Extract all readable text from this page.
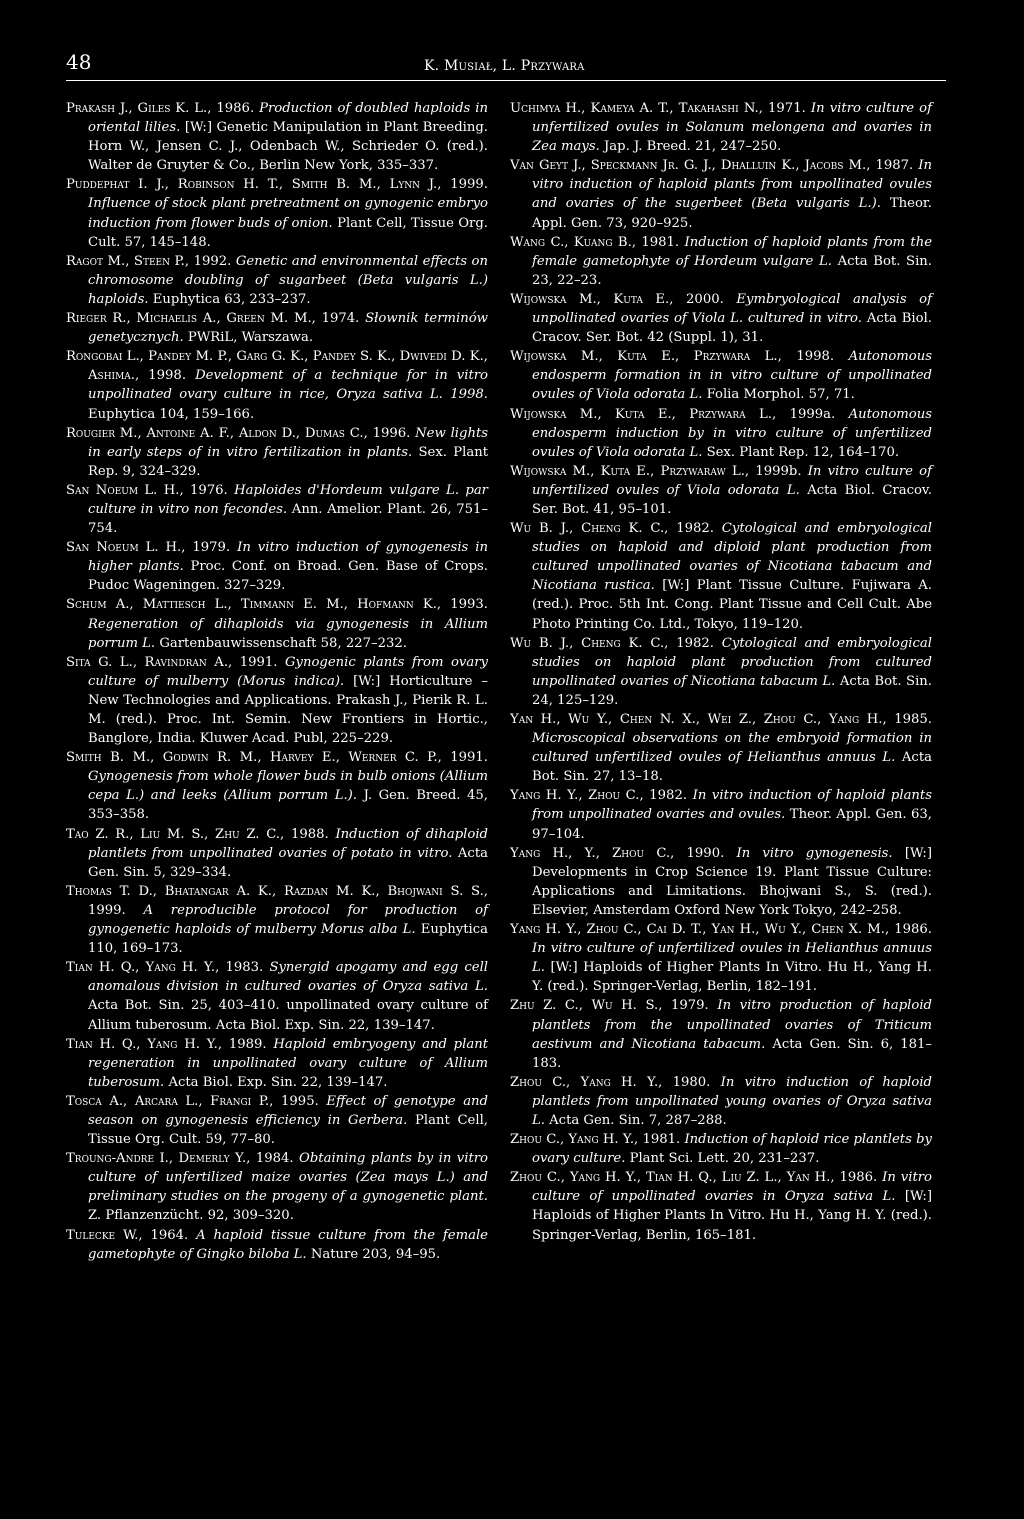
48	K. Musiał, L. Przywara

Prakash J., Giles K. L., 1986. Production of doubled haploids in oriental lilies. [W:] Genetic Manipulation in Plant Breeding. Horn W., Jensen C. J., Odenbach W., Schrieder O. (red.). Walter de Gruyter & Co., Berlin New York, 335–337.

Puddephat I. J., Robinson H. T., Smith B. M., Lynn J., 1999. Influence of stock plant pretreatment on gynogenic embryo induction from flower buds of onion. Plant Cell, Tissue Org. Cult. 57, 145–148.

Ragot M., Steen P., 1992. Genetic and environmental effects on chromosome doubling of sugarbeet (Beta vulgaris L.) haploids. Euphytica 63, 233–237.

Rieger R., Michaelis A., Green M. M., 1974. Słownik terminów genetycznych. PWRiL, Warszawa.

Rongobai L., Pandey M. P., Garg G. K., Pandey S. K., Dwivedi D. K., Ashima., 1998. Development of a technique for in vitro unpollinated ovary culture in rice, Oryza sativa L. 1998. Euphytica 104, 159–166.

Rougier M., Antoine A. F., Aldon D., Dumas C., 1996. New lights in early steps of in vitro fertilization in plants. Sex. Plant Rep. 9, 324–329.

San Noeum L. H., 1976. Haploides d'Hordeum vulgare L. par culture in vitro non fecondes. Ann. Amelior. Plant. 26, 751–754.

San Noeum L. H., 1979. In vitro induction of gynogenesis in higher plants. Proc. Conf. on Broad. Gen. Base of Crops. Pudoc Wageningen. 327–329.

Schum A., Mattiesch L., Timmann E. M., Hofmann K., 1993. Regeneration of dihaploids via gynogenesis in Allium porrum L. Gartenbauwissenschaft 58, 227–232.

Sita G. L., Ravindran A., 1991. Gynogenic plants from ovary culture of mulberry (Morus indica). [W:] Horticulture – New Technologies and Applications. Prakash J., Pierik R. L. M. (red.). Proc. Int. Semin. New Frontiers in Hortic., Banglore, India. Kluwer Acad. Publ, 225–229.

Smith B. M., Godwin R. M., Harvey E., Werner C. P., 1991. Gynogenesis from whole flower buds in bulb onions (Allium cepa L.) and leeks (Allium porrum L.). J. Gen. Breed. 45, 353–358.

Tao Z. R., Liu M. S., Zhu Z. C., 1988. Induction of dihaploid plantlets from unpollinated ovaries of potato in vitro. Acta Gen. Sin. 5, 329–334.

Thomas T. D., Bhatangar A. K., Razdan M. K., Bhojwani S. S., 1999. A reproducible protocol for production of gynogenetic haploids of mulberry Morus alba L. Euphytica 110, 169–173.

Tian H. Q., Yang H. Y., 1983. Synergid apogamy and egg cell anomalous division in cultured ovaries of Oryza sativa L. Acta Bot. Sin. 25, 403–410. unpollinated ovary culture of Allium tuberosum. Acta Biol. Exp. Sin. 22, 139–147.

Tian H. Q., Yang H. Y., 1989. Haploid embryogeny and plant regeneration in unpollinated ovary culture of Allium tuberosum. Acta Biol. Exp. Sin. 22, 139–147.

Tosca A., Arcara L., Frangi P., 1995. Effect of genotype and season on gynogenesis efficiency in Gerbera. Plant Cell, Tissue Org. Cult. 59, 77–80.

Troung-Andre I., Demerly Y., 1984. Obtaining plants by in vitro culture of unfertilized maize ovaries (Zea mays L.) and preliminary studies on the progeny of a gynogenetic plant. Z. Pflanzenzücht. 92, 309–320.

Tulecke W., 1964. A haploid tissue culture from the female gametophyte of Gingko biloba L. Nature 203, 94–95.

Uchimya H., Kameya A. T., Takahashi N., 1971. In vitro culture of unfertilized ovules in Solanum melongena and ovaries in Zea mays. Jap. J. Breed. 21, 247–250.

Van Geyt J., Speckmann Jr. G. J., Dhalluin K., Jacobs M., 1987. In vitro induction of haploid plants from unpollinated ovules and ovaries of the sugerbeet (Beta vulgaris L.). Theor. Appl. Gen. 73, 920–925.

Wang C., Kuang B., 1981. Induction of haploid plants from the female gametophyte of Hordeum vulgare L. Acta Bot. Sin. 23, 22–23.

Wijowska M., Kuta E., 2000. Eymbryological analysis of unpollinated ovaries of Viola L. cultured in vitro. Acta Biol. Cracov. Ser. Bot. 42 (Suppl. 1), 31.

Wijowska M., Kuta E., Przywara L., 1998. Autonomous endosperm formation in in vitro culture of unpollinated ovules of Viola odorata L. Folia Morphol. 57, 71.

Wijowska M., Kuta E., Przywara L., 1999a. Autonomous endosperm induction by in vitro culture of unfertilized ovules of Viola odorata L. Sex. Plant Rep. 12, 164–170.

Wijowska M., Kuta E., Przywaraw L., 1999b. In vitro culture of unfertilized ovules of Viola odorata L. Acta Biol. Cracov. Ser. Bot. 41, 95–101.

Wu B. J., Cheng K. C., 1982. Cytological and embryological studies on haploid and diploid plant production from cultured unpollinated ovaries of Nicotiana tabacum and Nicotiana rustica. [W:] Plant Tissue Culture. Fujiwara A. (red.). Proc. 5th Int. Cong. Plant Tissue and Cell Cult. Abe Photo Printing Co. Ltd., Tokyo, 119–120.

Wu B. J., Cheng K. C., 1982. Cytological and embryological studies on haploid plant production from cultured unpollinated ovaries of Nicotiana tabacum L. Acta Bot. Sin. 24, 125–129.

Yan H., Wu Y., Chen N. X., Wei Z., Zhou C., Yang H., 1985. Microscopical observations on the embryoid formation in cultured unfertilized ovules of Helianthus annuus L. Acta Bot. Sin. 27, 13–18.

Yang H. Y., Zhou C., 1982. In vitro induction of haploid plants from unpollinated ovaries and ovules. Theor. Appl. Gen. 63, 97–104.

Yang H., Y., Zhou C., 1990. In vitro gynogenesis. [W:] Developments in Crop Science 19. Plant Tissue Culture: Applications and Limitations. Bhojwani S., S. (red.). Elsevier, Amsterdam Oxford New York Tokyo, 242–258.

Yang H. Y., Zhou C., Cai D. T., Yan H., Wu Y., Chen X. M., 1986. In vitro culture of unfertilized ovules in Helianthus annuus L. [W:] Haploids of Higher Plants In Vitro. Hu H., Yang H. Y. (red.). Springer-Verlag, Berlin, 182–191.

Zhu Z. C., Wu H. S., 1979. In vitro production of haploid plantlets from the unpollinated ovaries of Triticum aestivum and Nicotiana tabacum. Acta Gen. Sin. 6, 181–183.

Zhou C., Yang H. Y., 1980. In vitro induction of haploid plantlets from unpollinated young ovaries of Oryza sativa L. Acta Gen. Sin. 7, 287–288.

Zhou C., Yang H. Y., 1981. Induction of haploid rice plantlets by ovary culture. Plant Sci. Lett. 20, 231–237.

Zhou C., Yang H. Y., Tian H. Q., Liu Z. L., Yan H., 1986. In vitro culture of unpollinated ovaries in Oryza sativa L. [W:] Haploids of Higher Plants In Vitro. Hu H., Yang H. Y. (red.). Springer-Verlag, Berlin, 165–181.
